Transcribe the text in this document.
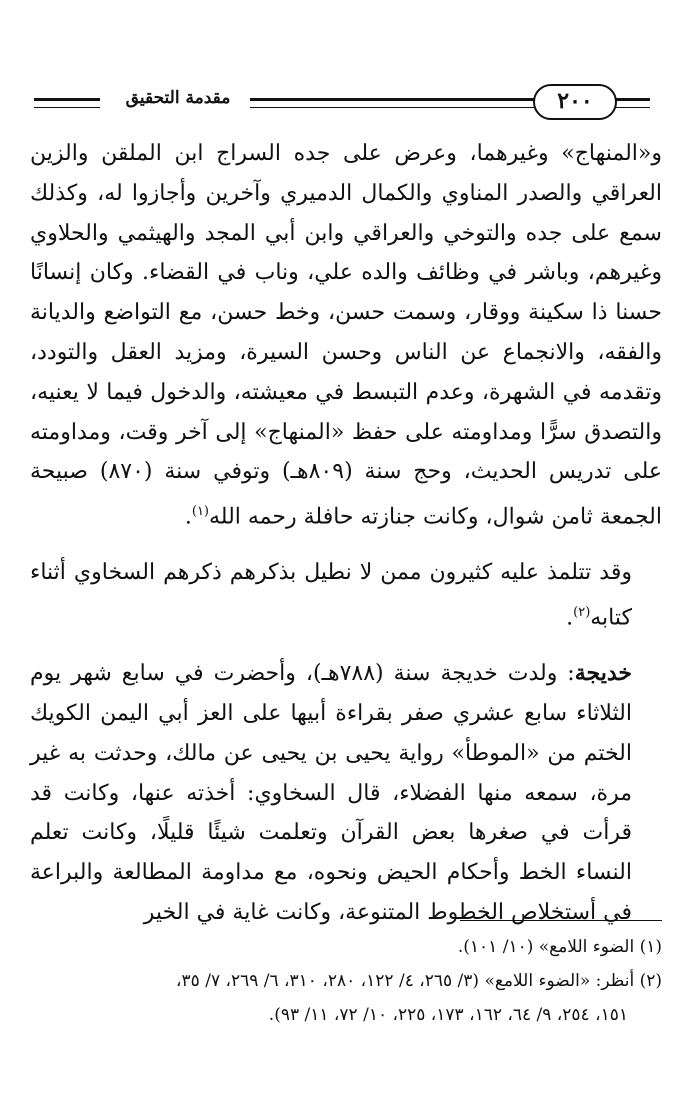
مقدمة التحقيق	٢٠٠

و«المنهاج» وغيرهما، وعرض على جده السراج ابن الملقن والزين العراقي والصدر المناوي والكمال الدميري وآخرين وأجازوا له، وكذلك سمع على جده والتوخي والعراقي وابن أبي المجد والهيثمي والحلاوي وغيرهم، وباشر في وظائف والده علي، وناب في القضاء. وكان إنسانًا حسنا ذا سكينة ووقار، وسمت حسن، وخط حسن، مع التواضع والديانة والفقه، والانجماع عن الناس وحسن السيرة، ومزيد العقل والتودد، وتقدمه في الشهرة، وعدم التبسط في معيشته، والدخول فيما لا يعنيه، والتصدق سرًّا ومداومته على حفظ «المنهاج» إلى آخر وقت، ومداومته على تدريس الحديث، وحج سنة (٨٠٩هـ) وتوفي سنة (٨٧٠) صبيحة الجمعة ثامن شوال، وكانت جنازته حافلة رحمه الله$^{(١)}$.

وقد تتلمذ عليه كثيرون ممن لا نطيل بذكرهم ذكرهم السخاوي أثناء كتابه$^{(٢)}$.

خديجة: ولدت خديجة سنة (٧٨٨هـ)، وأحضرت في سابع شهر يوم الثلاثاء سابع عشري صفر بقراءة أبيها على العز أبي اليمن الكويك الختم من «الموطأ» رواية يحيى بن يحيى عن مالك، وحدثت به غير مرة، سمعه منها الفضلاء، قال السخاوي: أخذته عنها، وكانت قد قرأت في صغرها بعض القرآن وتعلمت شيئًا قليلًا، وكانت تعلم النساء الخط وأحكام الحيض ونحوه، مع مداومة المطالعة والبراعة في أستخلاص الخطوط المتنوعة، وكانت غاية في الخير

(١) الضوء اللامع» (١٠/ ١٠١).

(٢) أنظر: «الضوء اللامع» (٣/ ٢٦٥، ٤/ ١٢٢، ٢٨٠، ٣١٠، ٦/ ٢٦٩، ٧/ ٣٥،

١٥١، ٢٥٤، ٩/ ٦٤، ١٦٢، ١٧٣، ٢٢٥، ١٠/ ٧٢، ١١/ ٩٣).
